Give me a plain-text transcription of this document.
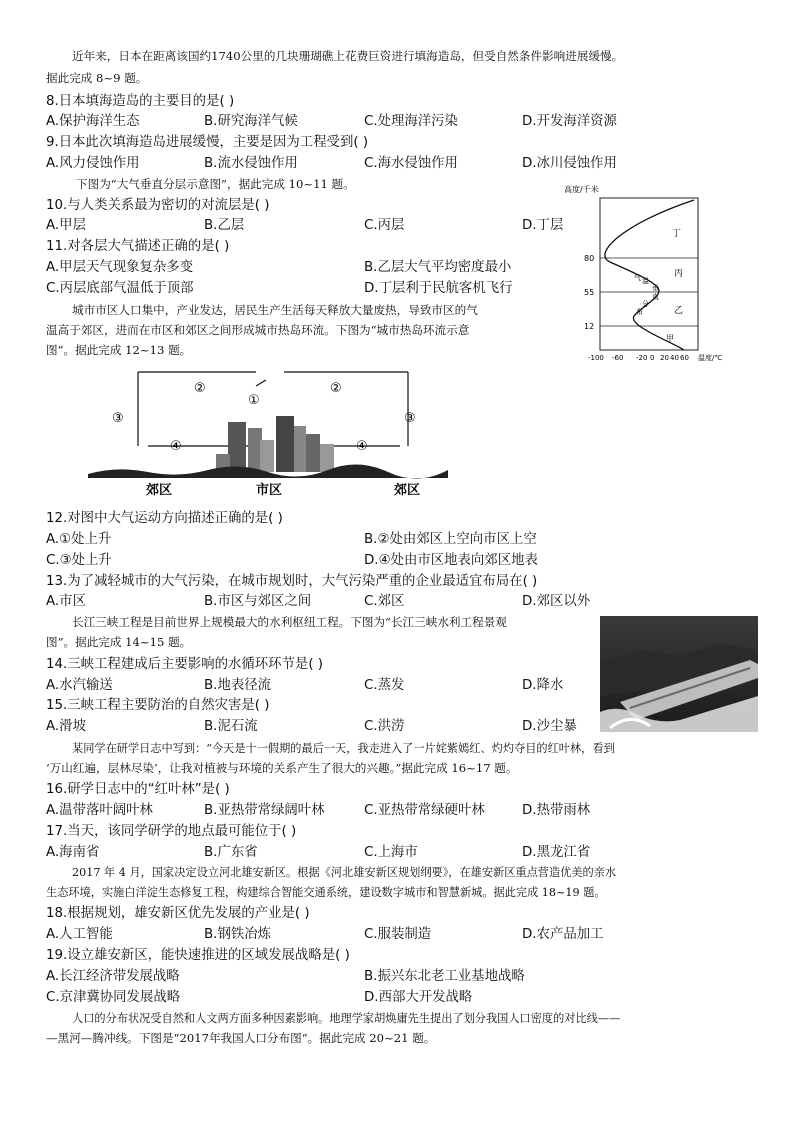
近年来，日本在距离该国约1740公里的几块珊瑚礁上花费巨资进行填海造岛，但受自然条件影响进展缓慢。
据此完成 8~9 题。
8.日本填海造岛的主要目的是( )
A.保护海洋生态	B.研究海洋气候	C.处理海洋污染	D.开发海洋资源
9.日本此次填海造岛进展缓慢，主要是因为工程受到( )
A.风力侵蚀作用	B.流水侵蚀作用	C.海水侵蚀作用	D.冰川侵蚀作用
下图为“大气垂直分层示意图”，据此完成 10~11 题。
10.与人类关系最为密切的对流层是( )
A.甲层	B.乙层	C.丙层	D.丁层
11.对各层大气描述正确的是( )
A.甲层天气现象复杂多变	B.乙层大气平均密度最小
C.丙层底部气温低于顶部	D.丁层利于民航客机飞行
高度/千米
80
55
12
丁
丙
乙
甲
气 温
垂
直
分
布
-100 -60 -20 0 20 40 60 温度/℃
城市市区人口集中，产业发达，居民生产生活每天释放大量废热，导致市区的气
温高于郊区，进而在市区和郊区之间形成城市热岛环流。下图为“城市热岛环流示意
图”。据此完成 12~13 题。
①
②	②
③	③
④	④
郊区	市区	郊区
12.对图中大气运动方向描述正确的是( )
A.①处上升	B.②处由郊区上空向市区上空
C.③处上升	D.④处由市区地表向郊区地表
13.为了减轻城市的大气污染，在城市规划时，大气污染严重的企业最适宜布局在( )
A.市区	B.市区与郊区之间	C.郊区	D.郊区以外
长江三峡工程是目前世界上规模最大的水利枢纽工程。下图为“长江三峡水利工程景观
图”。据此完成 14~15 题。
14.三峡工程建成后主要影响的水循环环节是( )
A.水汽输送	B.地表径流	C.蒸发	D.降水
15.三峡工程主要防治的自然灾害是( )
A.滑坡	B.泥石流	C.洪涝	D.沙尘暴
某同学在研学日志中写到：“今天是十一假期的最后一天，我走进入了一片姹紫嫣红、灼灼夺目的红叶林，看到
‘万山红遍，层林尽染’，让我对植被与环境的关系产生了很大的兴趣。”据此完成 16~17 题。
16.研学日志中的“红叶林”是( )
A.温带落叶阔叶林	B.亚热带常绿阔叶林	C.亚热带常绿硬叶林	D.热带雨林
17.当天，该同学研学的地点最可能位于( )
A.海南省	B.广东省	C.上海市	D.黑龙江省
2017 年 4 月，国家决定设立河北雄安新区。根据《河北雄安新区规划纲要》，在雄安新区重点营造优美的亲水
生态环境，实施白洋淀生态修复工程，构建综合智能交通系统，建设数字城市和智慧新城。据此完成 18~19 题。
18.根据规划，雄安新区优先发展的产业是( )
A.人工智能	B.钢铁冶炼	C.服装制造	D.农产品加工
19.设立雄安新区，能快速推进的区域发展战略是( )
A.长江经济带发展战略	B.振兴东北老工业基地战略
C.京津冀协同发展战略	D.西部大开发战略
人口的分布状况受自然和人文两方面多种因素影响。地理学家胡焕庸先生提出了划分我国人口密度的对比线——
—黑河—腾冲线。下图是“2017年我国人口分布图“。据此完成 20~21 题。
